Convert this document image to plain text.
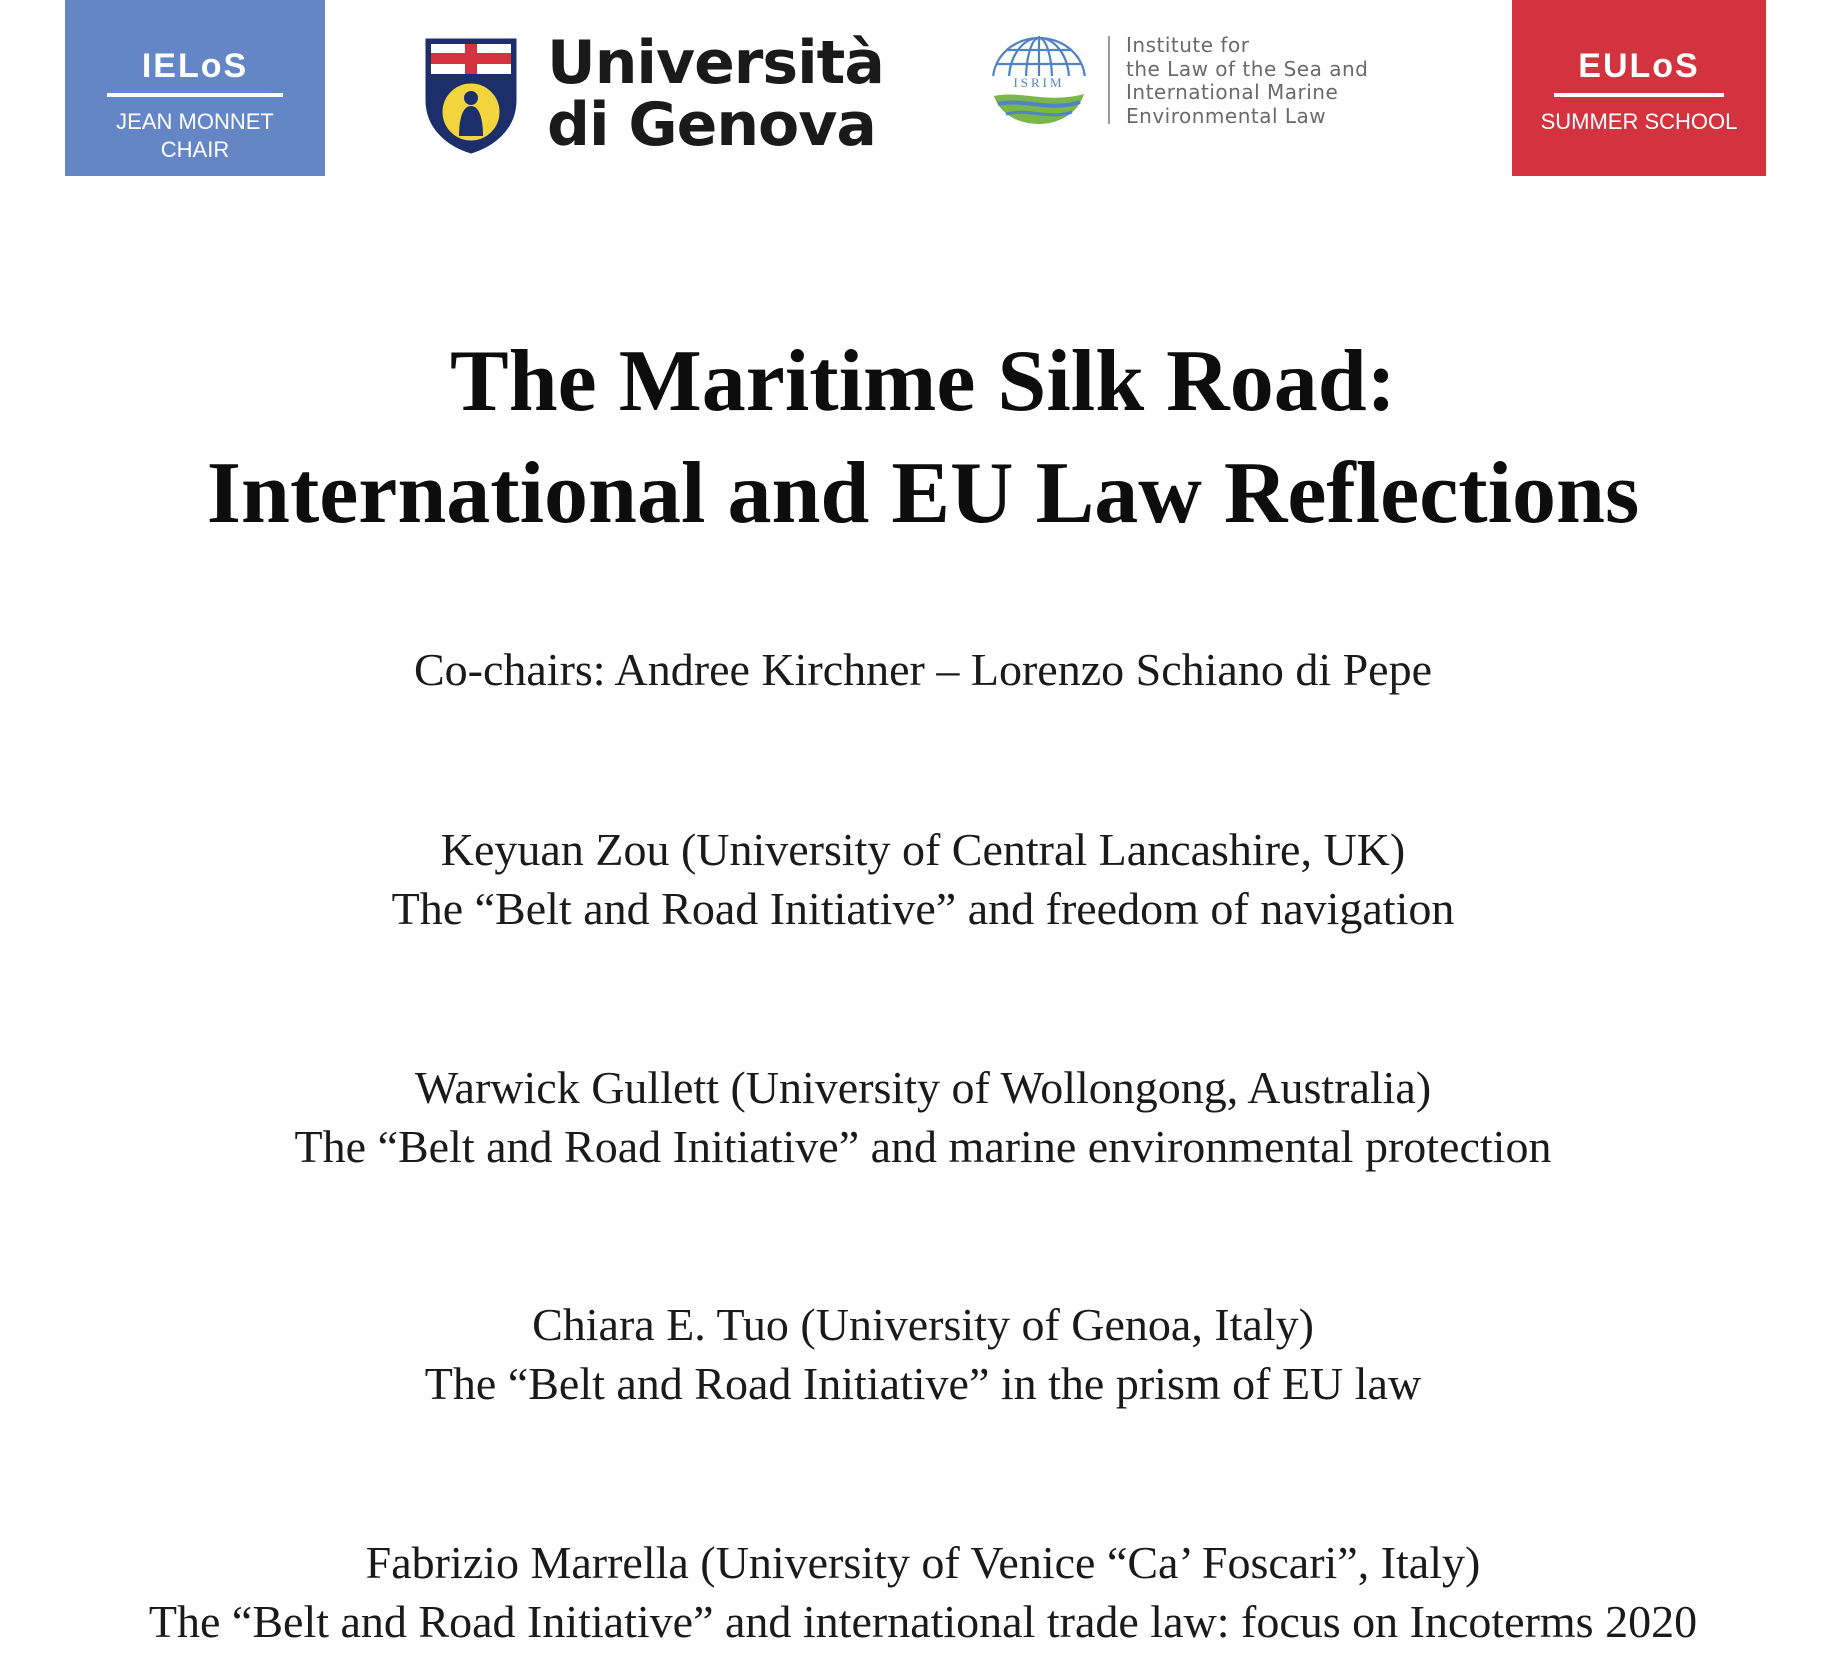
IELoS
JEAN MONNET
CHAIR
Università
di Genova
ISRIM
Institute for
the Law of the Sea and
International Marine
Environmental Law
EULoS
SUMMER SCHOOL
The Maritime Silk Road:
International and EU Law Reflections
Co-chairs: Andree Kirchner – Lorenzo Schiano di Pepe
Keyuan Zou (University of Central Lancashire, UK)
The “Belt and Road Initiative” and freedom of navigation
Warwick Gullett (University of Wollongong, Australia)
The “Belt and Road Initiative” and marine environmental protection
Chiara E. Tuo (University of Genoa, Italy)
The “Belt and Road Initiative” in the prism of EU law
Fabrizio Marrella (University of Venice “Ca’ Foscari”, Italy)
The “Belt and Road Initiative” and international trade law: focus on Incoterms 2020
